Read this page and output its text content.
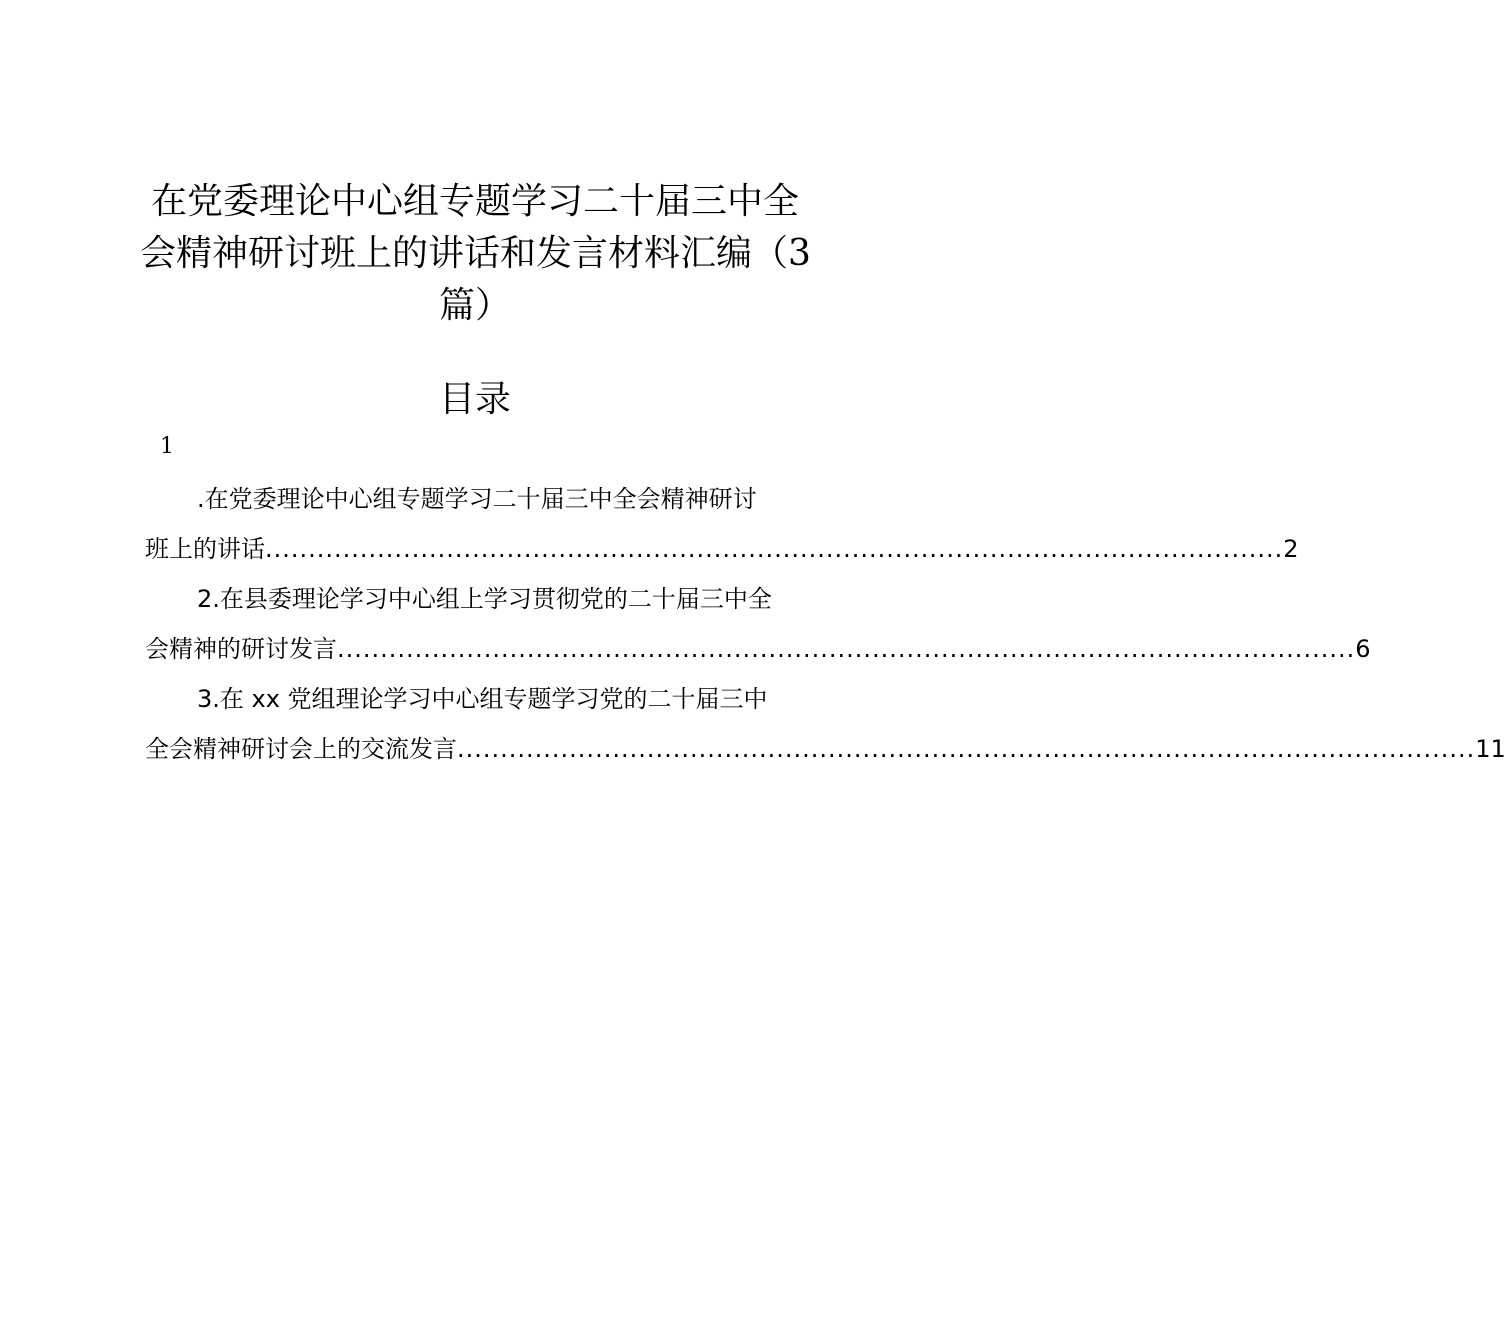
在党委理论中心组专题学习二十届三中全
会精神研讨班上的讲话和发言材料汇编（3
篇）
目录
1
.在党委理论中心组专题学习二十届三中全会精神研讨
班上的讲话 ...................................................................................................................... 2
2.在县委理论学习中心组上学习贯彻党的二十届三中全
会精神的研讨发言 ...................................................................................................................... 6
3.在 xx 党组理论学习中心组专题学习党的二十届三中
全会精神研讨会上的交流发言 ...................................................................................................................... 11
